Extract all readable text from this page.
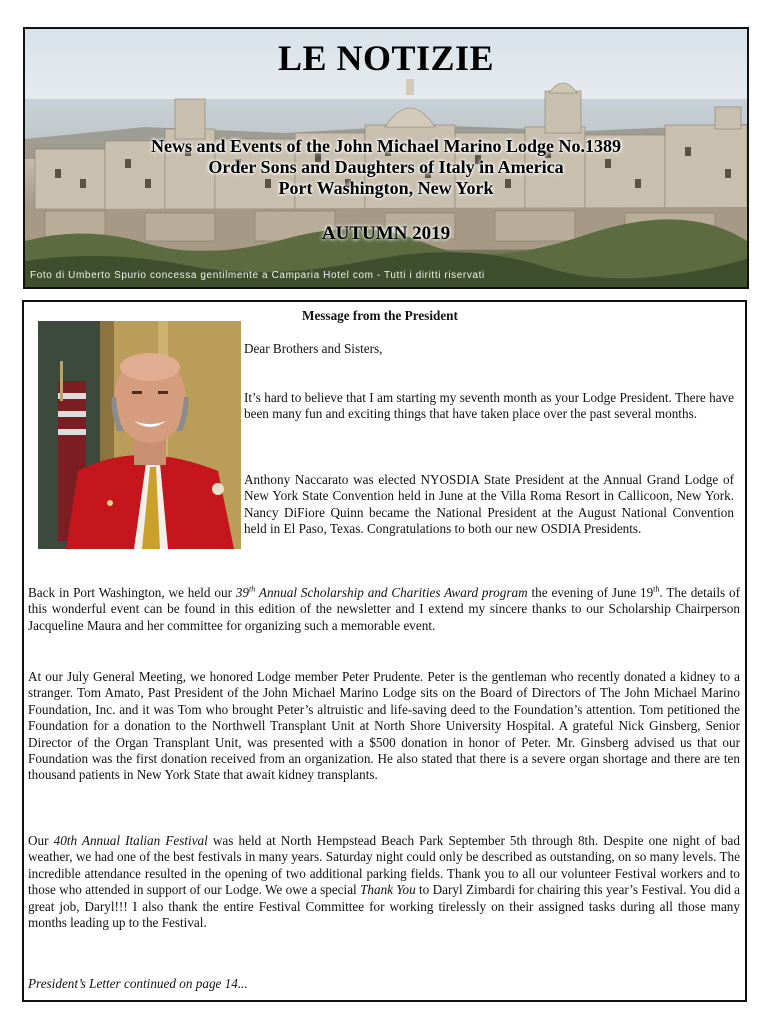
LE NOTIZIE
News and Events of the John Michael Marino Lodge No.1389
Order Sons and Daughters of Italy in America
Port Washington, New York
AUTUMN 2019
Foto di Umberto Spurio concessa gentilmente a Camparia Hotel com - Tutti i diritti riservati
Message from the President

Dear Brothers and Sisters,

It’s hard to believe that I am starting my seventh month as your Lodge President. There have been many fun and exciting things that have taken place over the past several months.

Anthony Naccarato was elected NYOSDIA State President at the Annual Grand Lodge of New York State Convention held in June at the Villa Roma Resort in Callicoon, New York. Nancy DiFiore Quinn became the National President at the August National Convention held in El Paso, Texas. Congratulations to both our new OSDIA Presidents.

Back in Port Washington, we held our 39th Annual Scholarship and Charities Award program the evening of June 19th. The details of this wonderful event can be found in this edition of the newsletter and I extend my sincere thanks to our Scholarship Chairperson Jacqueline Maura and her committee for organizing such a memorable event.

At our July General Meeting, we honored Lodge member Peter Prudente. Peter is the gentleman who recently donated a kidney to a stranger. Tom Amato, Past President of the John Michael Marino Lodge sits on the Board of Directors of The John Michael Marino Foundation, Inc. and it was Tom who brought Peter’s altruistic and life-saving deed to the Foundation’s attention. Tom petitioned the Foundation for a donation to the Northwell Transplant Unit at North Shore University Hospital. A grateful Nick Ginsberg, Senior Director of the Organ Transplant Unit, was presented with a $500 donation in honor of Peter. Mr. Ginsberg advised us that our Foundation was the first donation received from an organization. He also stated that there is a severe organ shortage and there are ten thousand patients in New York State that await kidney transplants.

Our 40th Annual Italian Festival was held at North Hempstead Beach Park September 5th through 8th. Despite one night of bad weather, we had one of the best festivals in many years. Saturday night could only be described as outstanding, on so many levels. The incredible attendance resulted in the opening of two additional parking fields. Thank you to all our volunteer Festival workers and to those who attended in support of our Lodge. We owe a special Thank You to Daryl Zimbardi for chairing this year’s Festival. You did a great job, Daryl!!! I also thank the entire Festival Committee for working tirelessly on their assigned tasks during all those many months leading up to the Festival.

President’s Letter continued on page 14...
